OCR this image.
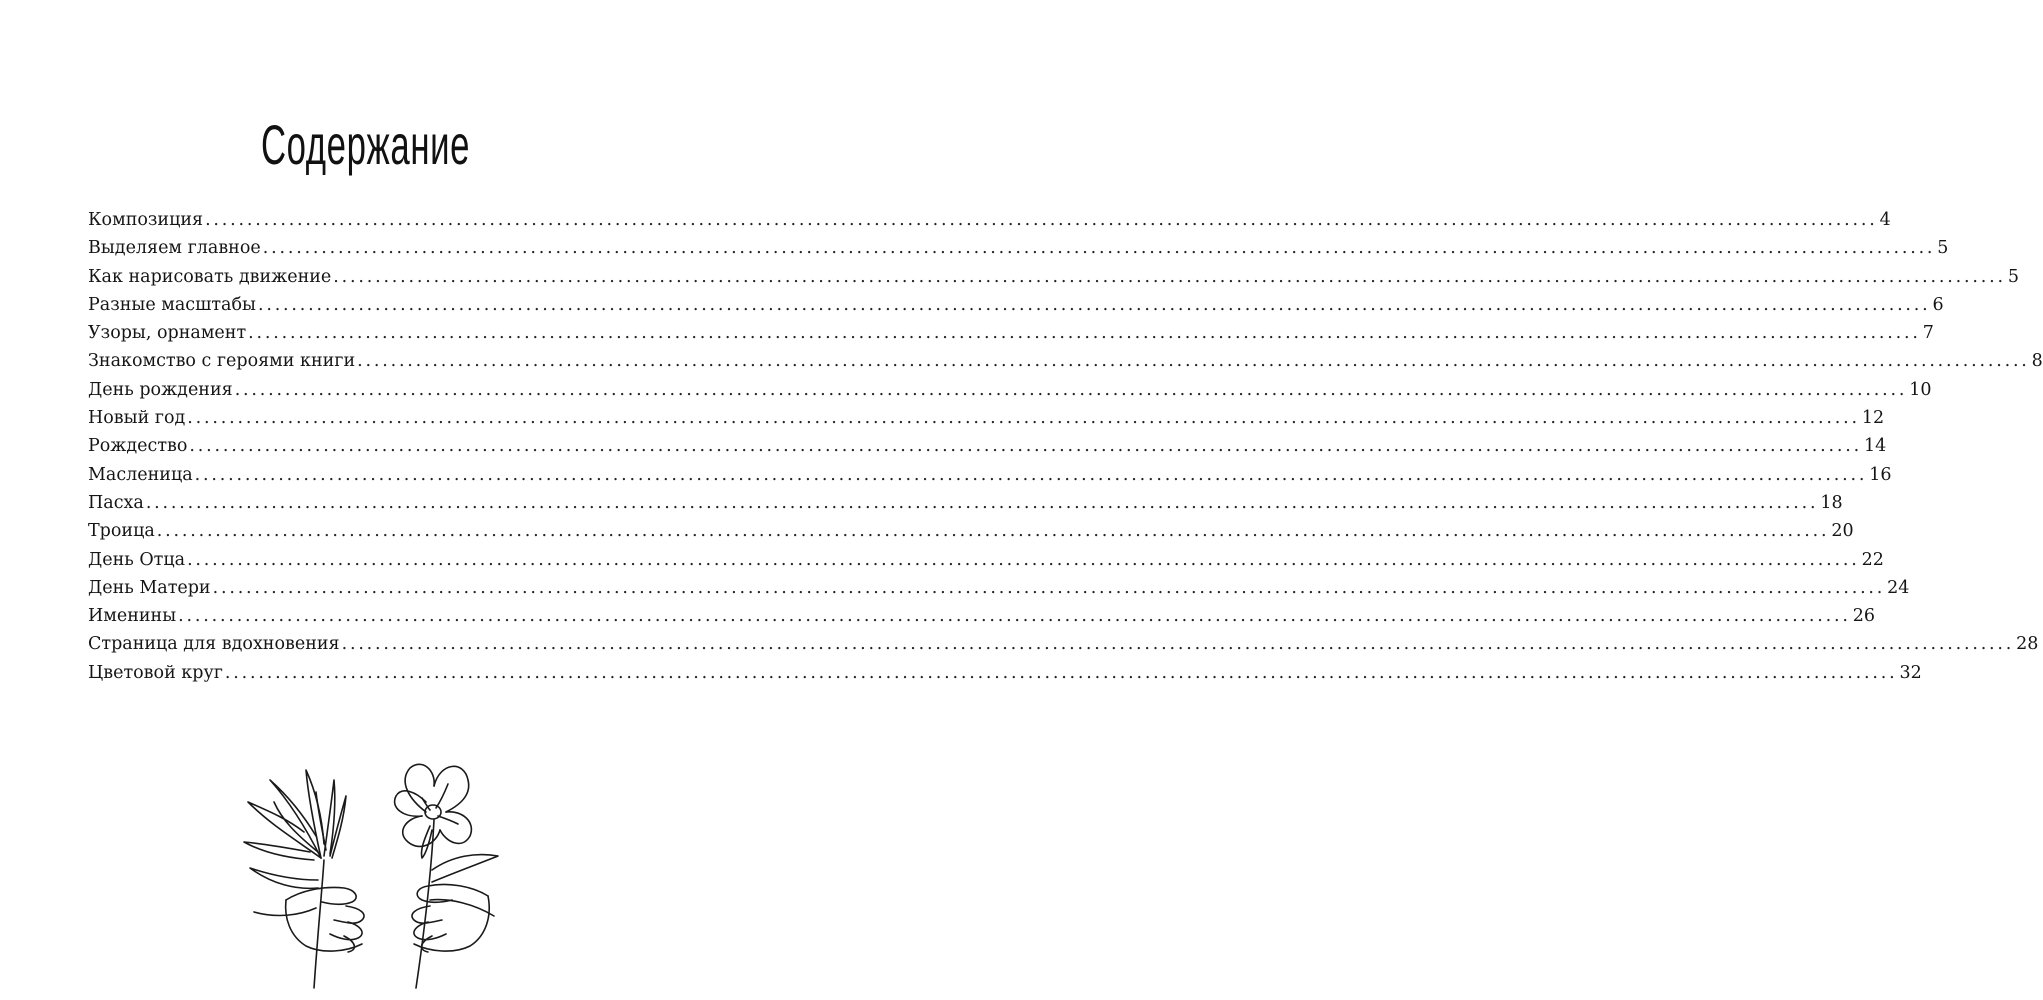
Содержание
Композиция ........................................................................................................................................................................................................ 4
Выделяем главное ........................................................................................................................................................................................................ 5
Как нарисовать движение ........................................................................................................................................................................................................ 5
Разные масштабы ........................................................................................................................................................................................................ 6
Узоры, орнамент ........................................................................................................................................................................................................ 7
Знакомство с героями книги ........................................................................................................................................................................................................ 8
День рождения ........................................................................................................................................................................................................ 10
Новый год ........................................................................................................................................................................................................ 12
Рождество ........................................................................................................................................................................................................ 14
Масленица ........................................................................................................................................................................................................ 16
Пасха ........................................................................................................................................................................................................ 18
Троица ........................................................................................................................................................................................................ 20
День Отца ........................................................................................................................................................................................................ 22
День Матери ........................................................................................................................................................................................................ 24
Именины ........................................................................................................................................................................................................ 26
Страница для вдохновения ........................................................................................................................................................................................................ 28
Цветовой круг ........................................................................................................................................................................................................ 32
